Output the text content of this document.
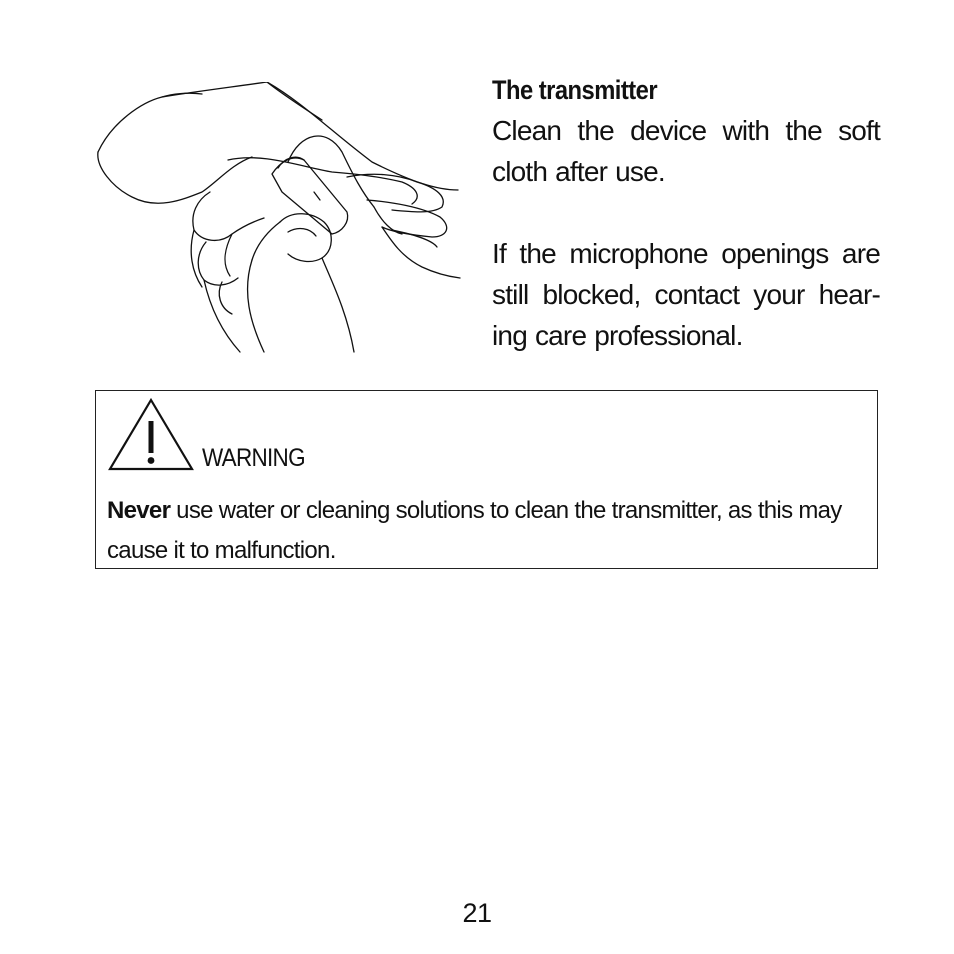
The transmitter

Clean the device with the soft cloth after use.

If the microphone openings are still blocked, contact your hear-ing care professional.

WARNING

Never use water or cleaning solutions to clean the transmitter, as this may cause it to malfunction.

21
